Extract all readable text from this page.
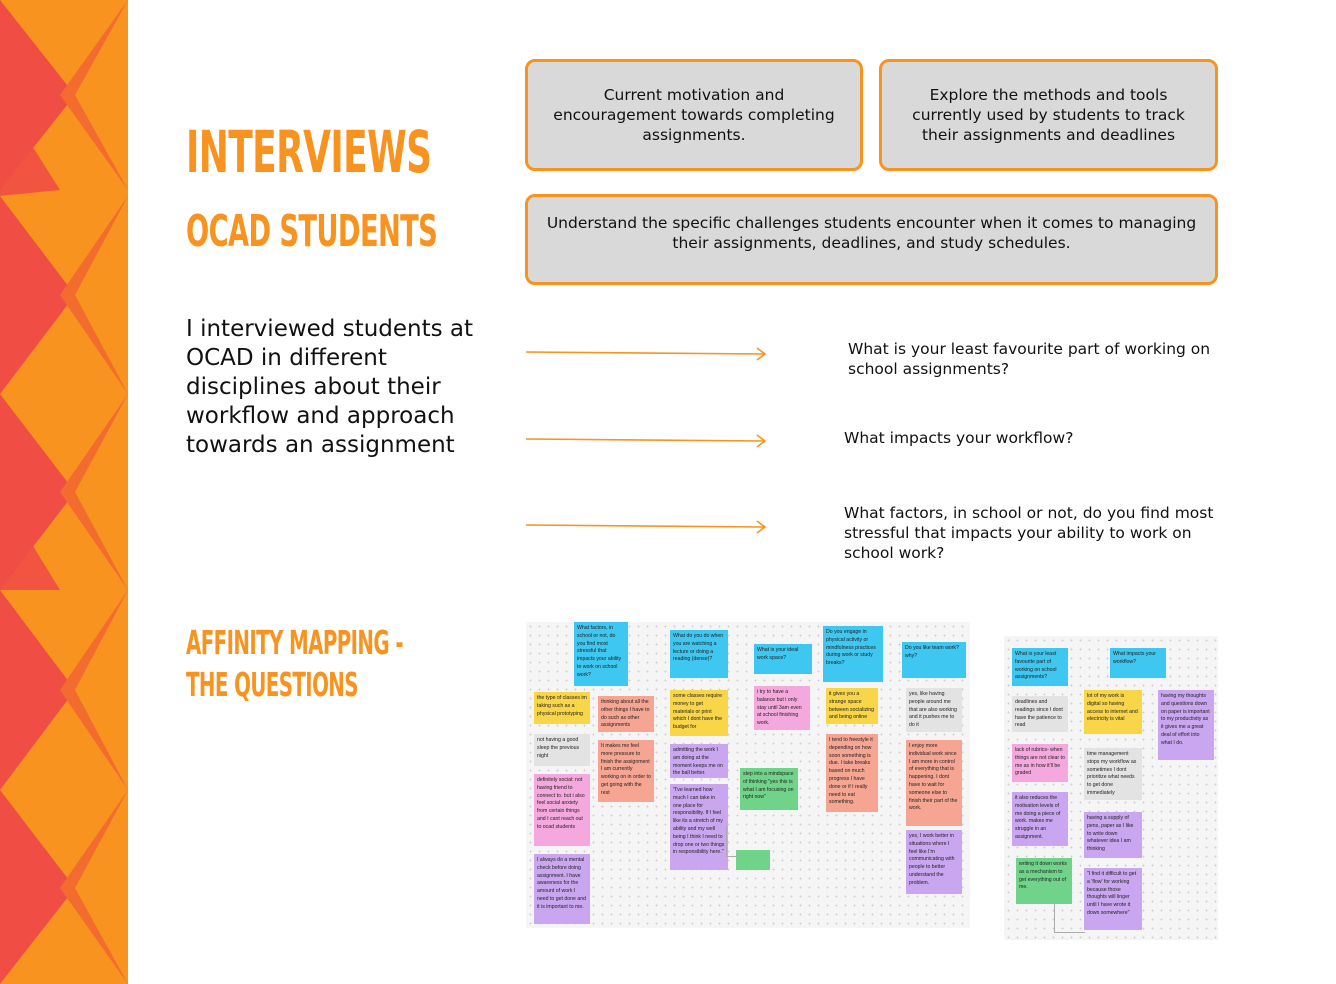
INTERVIEWS
OCAD STUDENTS
AFFINITY MAPPING - THE QUESTIONS
I interviewed students at OCAD in different disciplines about their workflow and approach towards an assignment
Current motivation and encouragement towards completing assignments.
Explore the methods and tools currently used by students to track their assignments and deadlines
Understand the specific challenges students encounter when it comes to managing their assignments, deadlines, and study schedules.
What is your least favourite part of working on school assignments?
What impacts your workflow?
What factors, in school or not, do you find most stressful that impacts your ability to work on school work?
What factors, in school or not, do you find most stressful that impacts your ability to work on school work?
What do you do when you are watching a lecture or doing a reading (dense)?
What is your ideal work space?
Do you engage in physical activity or mindfulness practices during work or study breaks?
Do you like team work? why?
the type of classes im taking such as a physical prototyping
not having a good sleep the previous night
definitely social: not having friend to connect to. but i also feel social anxiety from certain things and I cant reach out to ocad students
I always do a mental check before doing assignment. I have awareness for the amount of work I need to get done and it is important to me.
thinking about all the other things I have to do such as other assignments
It makes me feel more pressure to finish the assignment I am currently working on in order to get going with the rest
some classes require money to get materials or print which I dont have the budget for
admitting the work I am doing at the moment keeps me on the ball better.
"I've learned how much I can take in one place for responsibility. If I feel like its a stretch of my ability and my well being I think I need to drop one or two things in responsibility here."
i try to have a balance but i only stay until 3am even at school finishing work.
step into a mindspace of thinking "yes this is what I am focusing on right now"
it gives you a strange space between socializing and being online
I tend to freestyle it depending on how soon something is due. I take breaks based on much progress I have done or if I really need to eat something.
yes, like having people around me that are also working and it pushes me to do it
I enjoy more individual work since I am more in control of everything that is happening. I dont have to wait for someone else to finish their part of the work.
yes, I work better in situations where I feel like I'm communicating with people to better understand the problem.
What is your least favourite part of working on school assignments?
What impacts your workflow?
deadlines and readings since I dont have the patience to read
lack of rubrics- when things are not clear to me as in how it'll be graded
it also reduces the motivation levels of me doing a piece of work. makes me struggle in an assignment.
writing it down works as a mechanism to get everything out of me.
lot of my work is digital so having access to internet and electricity is vital
time management stops my workflow as sometimes I dont prioritize what needs to get done immediately
having a supply of pens, paper as I like to write down whatever idea I am thinking
"I find it difficult to get a 'flow' for working because those thoughts will linger until I have wrote it down somewhere"
having my thoughts and questions down on paper is important to my productivity as it gives me a great deal of effort into what I do.
